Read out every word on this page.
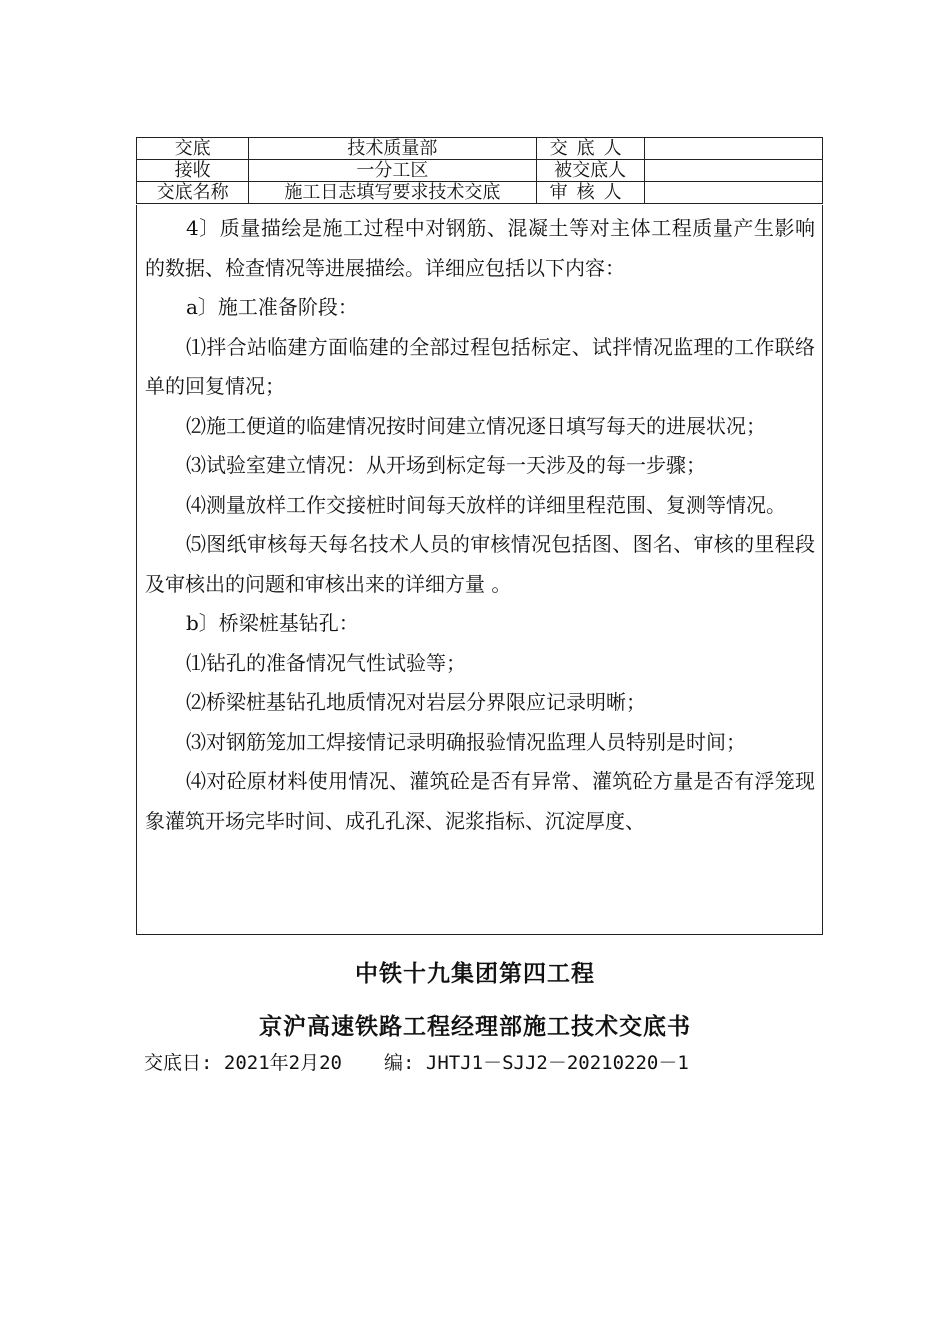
交底	技术质量部	交底人	
接收	一分工区	被交底人	
交底名称	施工日志填写要求技术交底	审核人	

4〕质量描绘是施工过程中对钢筋、混凝土等对主体工程质量产生影响的数据、检查情况等进展描绘。详细应包括以下内容：

a〕施工准备阶段：

⑴拌合站临建方面临建的全部过程包括标定、试拌情况监理的工作联络单的回复情况；

⑵施工便道的临建情况按时间建立情况逐日填写每天的进展状况；

⑶试验室建立情况：从开场到标定每一天涉及的每一步骤；

⑷测量放样工作交接桩时间每天放样的详细里程范围、复测等情况。

⑸图纸审核每天每名技术人员的审核情况包括图、图名、审核的里程段及审核出的问题和审核出来的详细方量 。

b〕桥梁桩基钻孔：

⑴钻孔的准备情况气性试验等；

⑵桥梁桩基钻孔地质情况对岩层分界限应记录明晰；

⑶对钢筋笼加工焊接情记录明确报验情况监理人员特别是时间；

⑷对砼原材料使用情况、灌筑砼是否有异常、灌筑砼方量是否有浮笼现象灌筑开场完毕时间、成孔孔深、泥浆指标、沉淀厚度、

中铁十九集团第四工程
京沪高速铁路工程经理部施工技术交底书
交底日: 2021年2月20 编: JHTJ1－SJJ2－20210220－1
